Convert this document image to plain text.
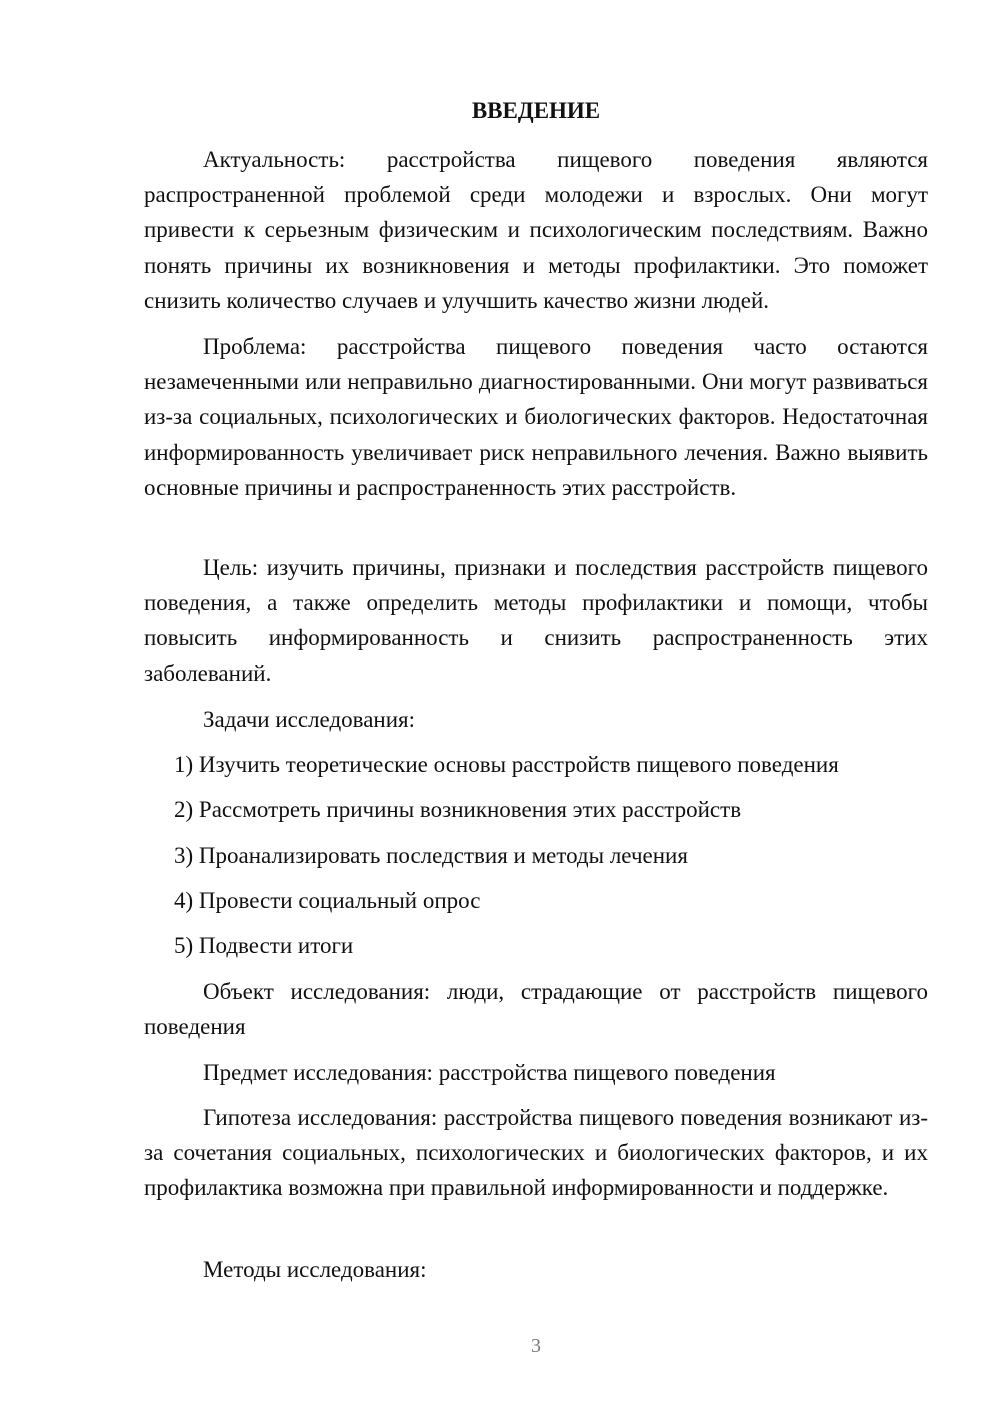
ВВЕДЕНИЕ

Актуальность: расстройства пищевого поведения являются распространенной проблемой среди молодежи и взрослых. Они могут привести к серьезным физическим и психологическим последствиям. Важно понять причины их возникновения и методы профилактики. Это поможет снизить количество случаев и улучшить качество жизни людей.

Проблема: расстройства пищевого поведения часто остаются незамеченными или неправильно диагностированными. Они могут развиваться из-за социальных, психологических и биологических факторов. Недостаточная информированность увеличивает риск неправильного лечения. Важно выявить основные причины и распространенность этих расстройств.

Цель: изучить причины, признаки и последствия расстройств пищевого поведения, а также определить методы профилактики и помощи, чтобы повысить информированность и снизить распространенность этих заболеваний.

Задачи исследования:

1) Изучить теоретические основы расстройств пищевого поведения

2) Рассмотреть причины возникновения этих расстройств

3) Проанализировать последствия и методы лечения

4) Провести социальный опрос

5) Подвести итоги

Объект исследования: люди, страдающие от расстройств пищевого поведения

Предмет исследования: расстройства пищевого поведения

Гипотеза исследования: расстройства пищевого поведения возникают из-за сочетания социальных, психологических и биологических факторов, и их профилактика возможна при правильной информированности и поддержке.

Методы исследования:

3
